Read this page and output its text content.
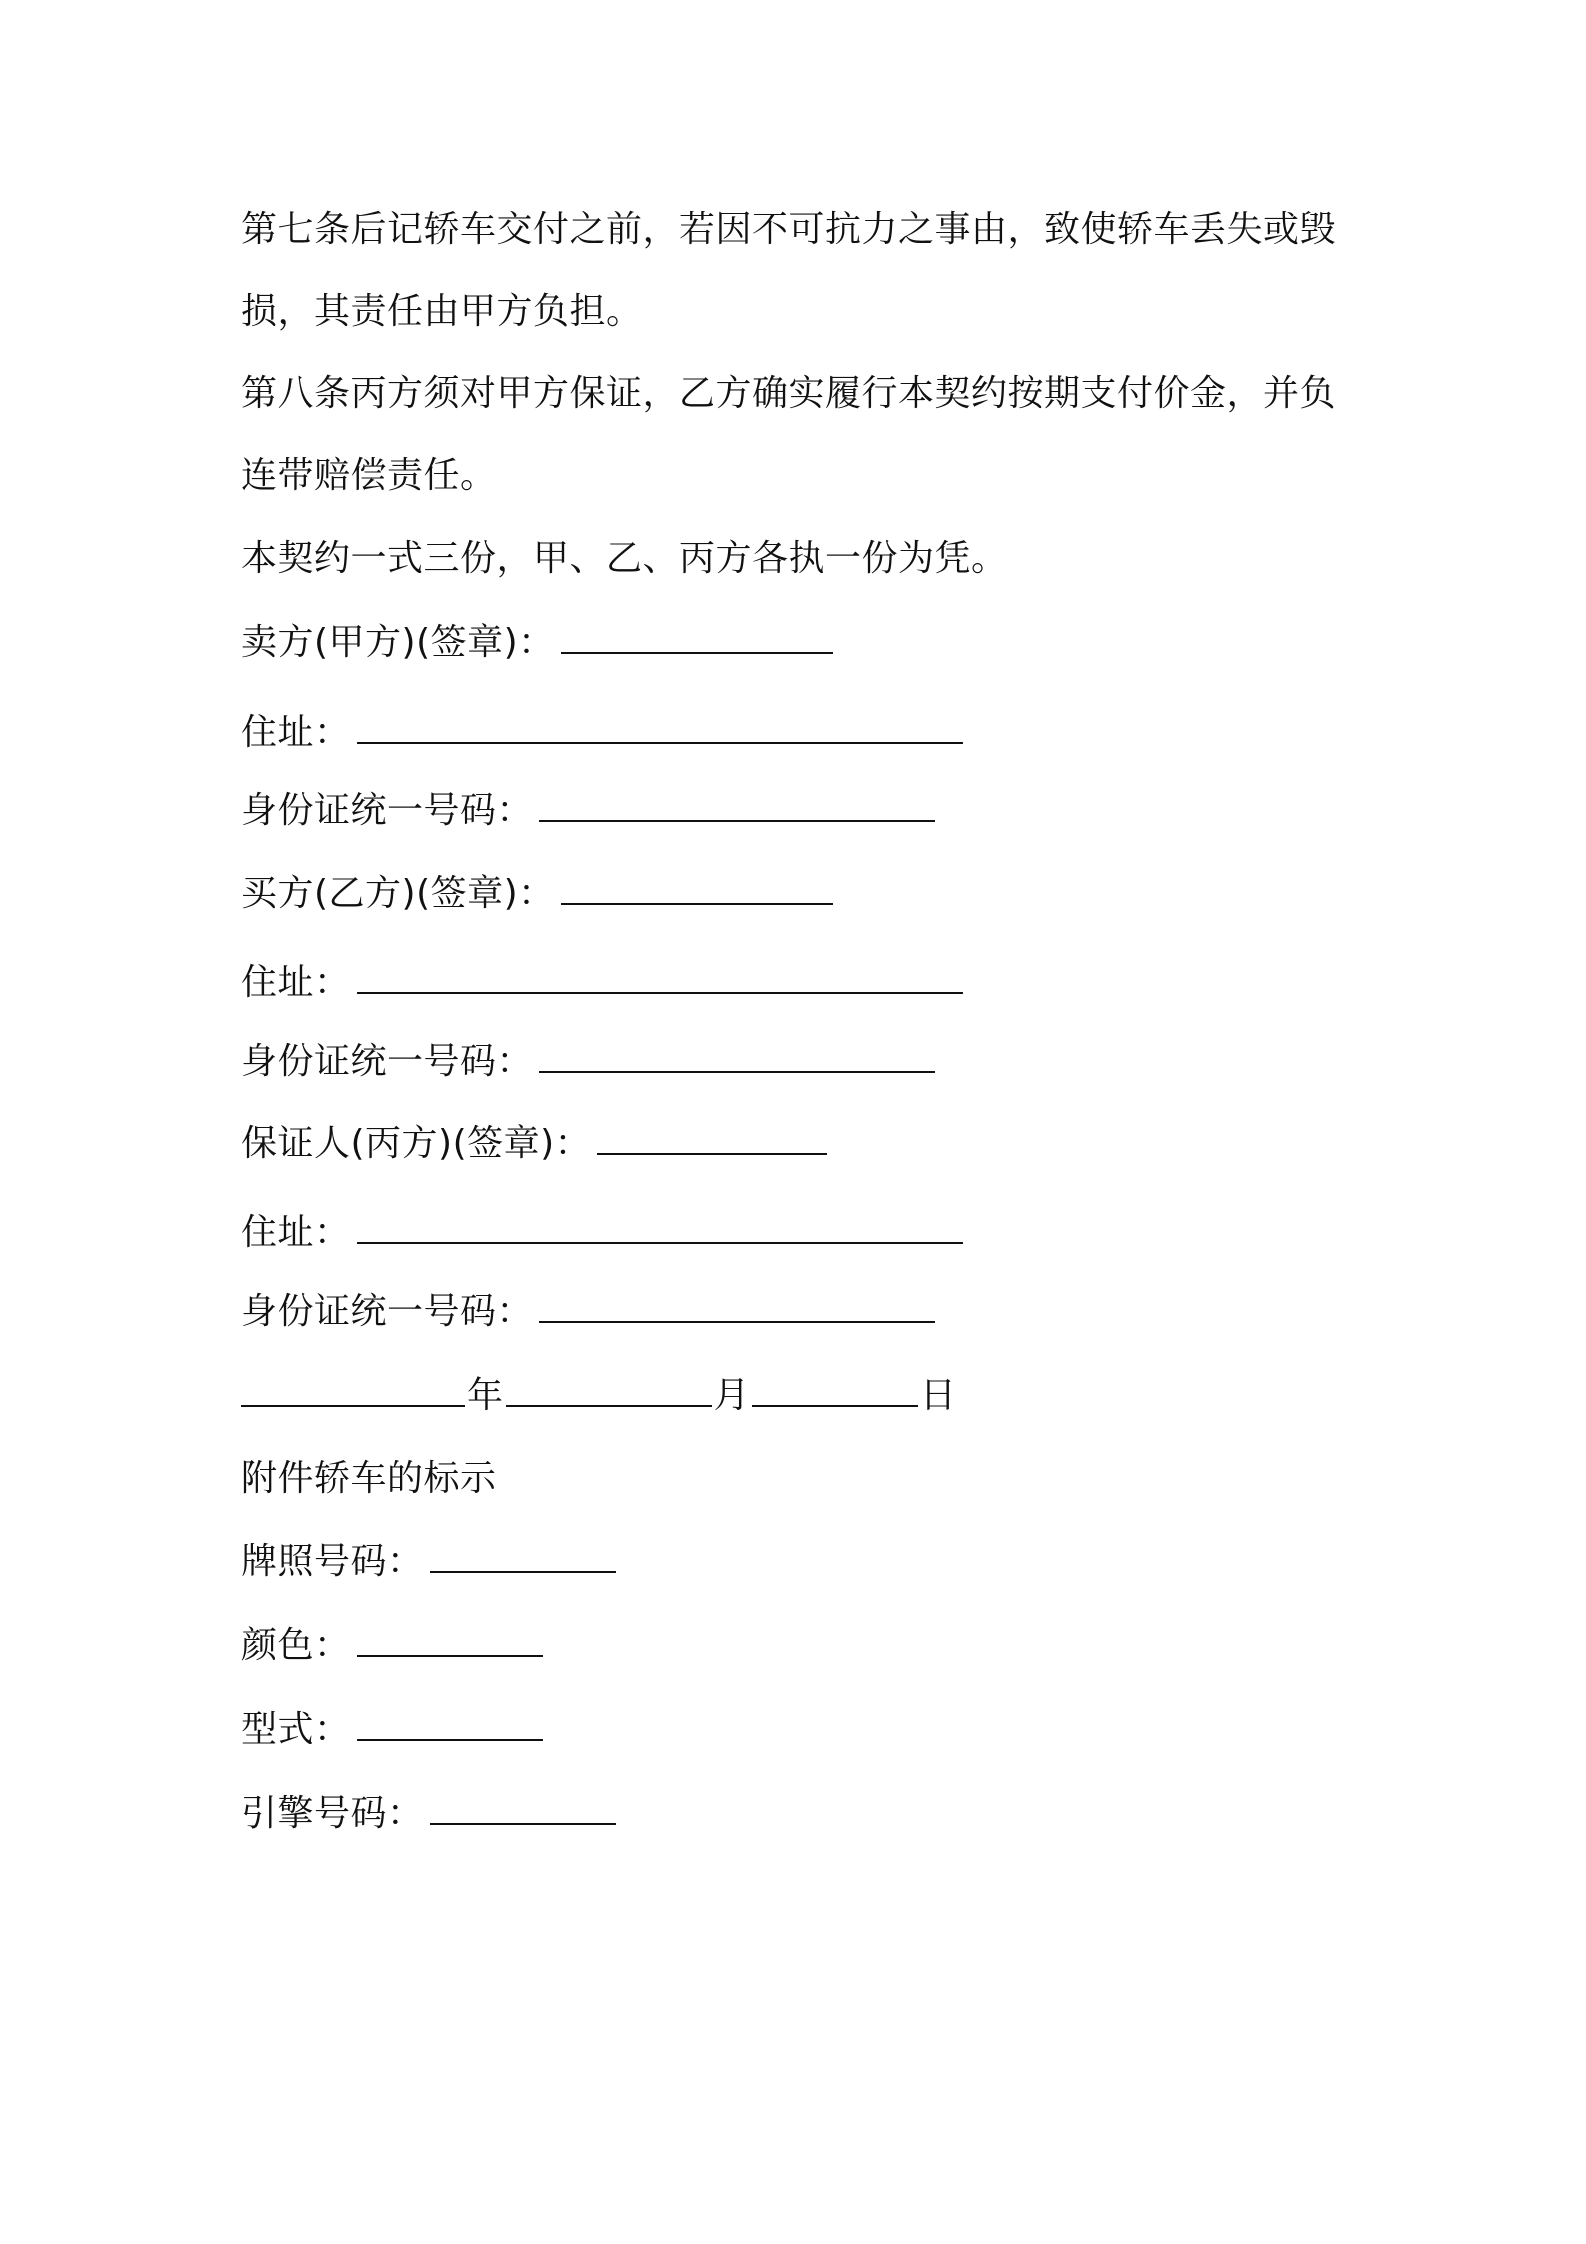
第七条后记轿车交付之前，若因不可抗力之事由，致使轿车丢失或毁
损，其责任由甲方负担。
第八条丙方须对甲方保证，乙方确实履行本契约按期支付价金，并负
连带赔偿责任。
本契约一式三份，甲、乙、丙方各执一份为凭。
卖方(甲方)(签章)：
住址：
身份证统一号码：
买方(乙方)(签章)：
住址：
身份证统一号码：
保证人(丙方)(签章)：
住址：
身份证统一号码：
年	月	日
附件轿车的标示
牌照号码：
颜色：
型式：
引擎号码：
